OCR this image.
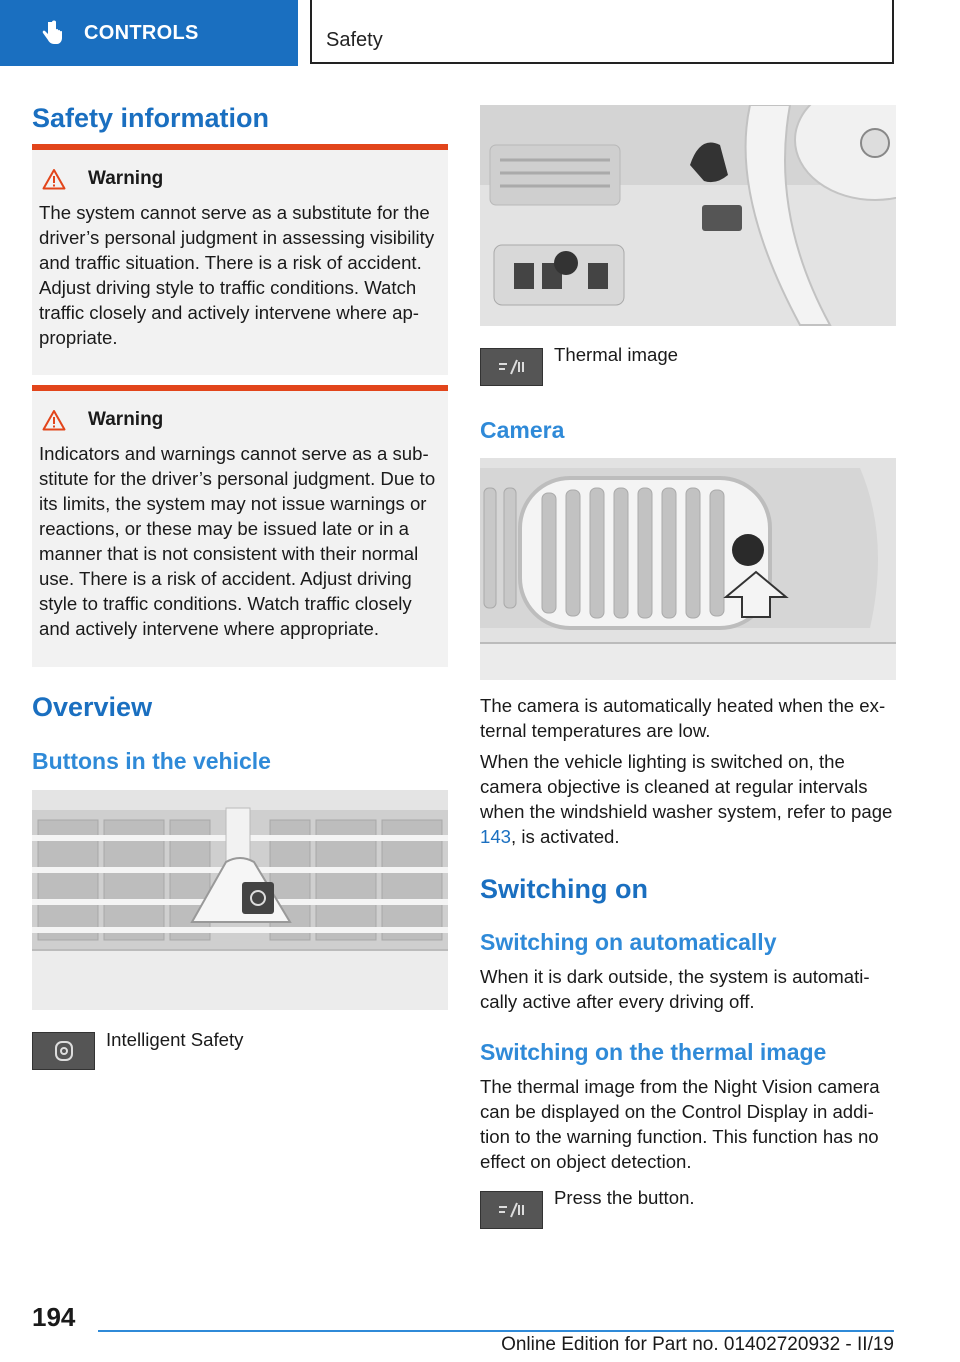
CONTROLS	Safety
Safety information
Warning

The system cannot serve as a substitute for the driver’s personal judgment in assessing visibility and traffic situation. There is a risk of accident. Adjust driving style to traffic conditions. Watch traffic closely and actively intervene where appropriate.

Warning

Indicators and warnings cannot serve as a substitute for the driver’s personal judgment. Due to its limits, the system may not issue warnings or reactions, or these may be issued late or in a manner that is not consistent with their normal use. There is a risk of accident. Adjust driving style to traffic conditions. Watch traffic closely and actively intervene where appropriate.

Overview
Buttons in the vehicle
Intelligent Safety
Thermal image
Camera

The camera is automatically heated when the external temperatures are low.

When the vehicle lighting is switched on, the camera objective is cleaned at regular intervals when the windshield washer system, refer to page 143, is activated.

Switching on
Switching on automatically

When it is dark outside, the system is automatically active after every driving off.

Switching on the thermal image

The thermal image from the Night Vision camera can be displayed on the Control Display in addition to the warning function. This function has no effect on object detection.

Press the button.
194
Online Edition for Part no. 01402720932 - II/19
